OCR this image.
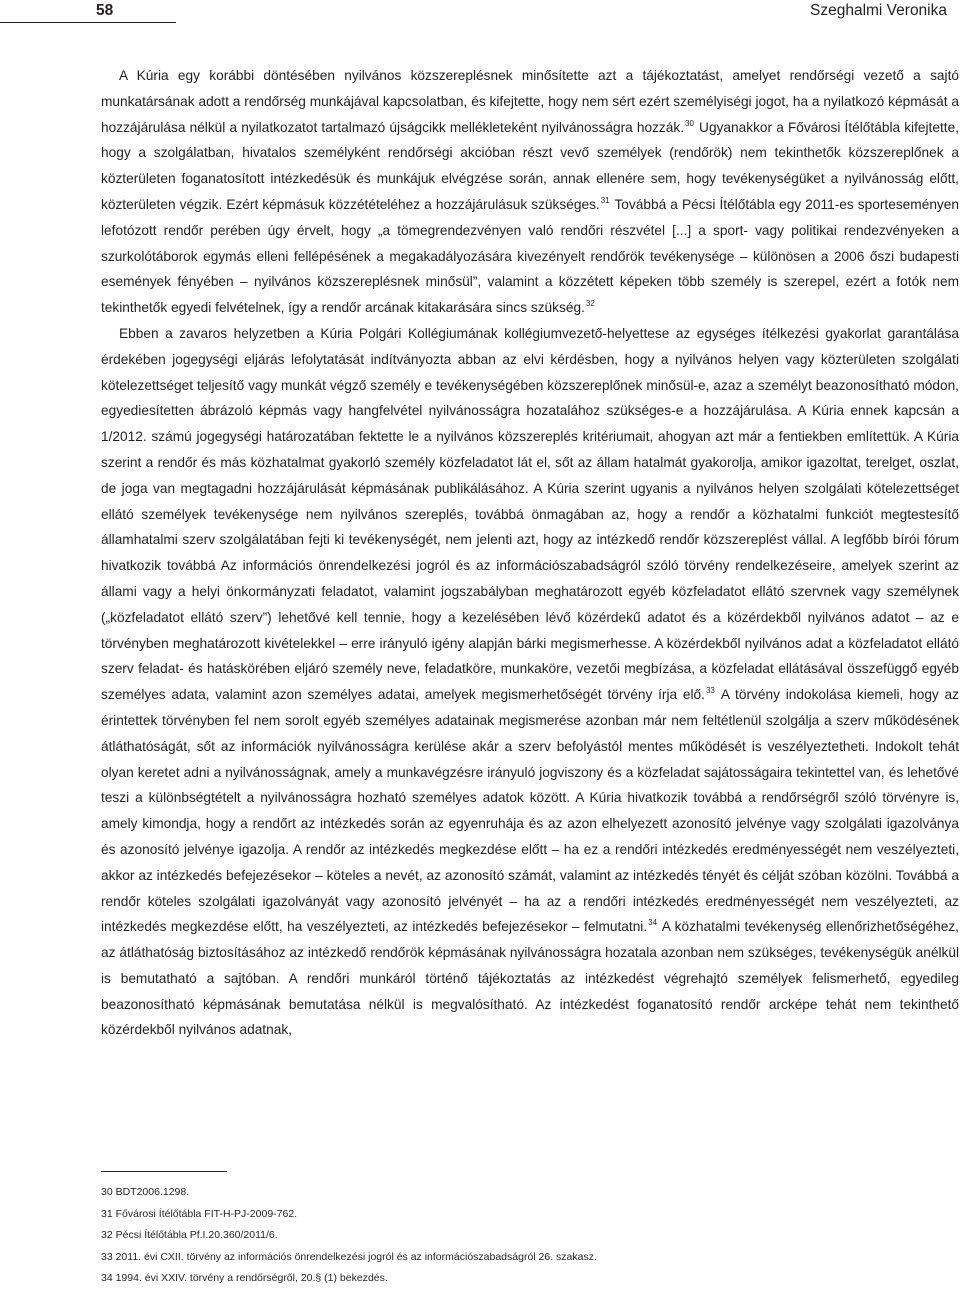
58	Szeghalmi Veronika

A Kúria egy korábbi döntésében nyilvános közszereplésnek minősítette azt a tájékoztatást, amelyet rendőrségi vezető a sajtó munkatársának adott a rendőrség munkájával kapcsolatban, és kifejtette, hogy nem sért ezért személyiségi jogot, ha a nyilatkozó képmását a hozzájárulása nélkül a nyilatkozatot tartalmazó újságcikk mellékleteként nyilvánosságra hozzák.$^{30}$ Ugyanakkor a Fővárosi Ítélőtábla kifejtette, hogy a szolgálatban, hivatalos személyként rendőrségi akcióban részt vevő személyek (rendőrök) nem tekinthetők közszereplőnek a közterületen foganatosított intézkedésük és munkájuk elvégzése során, annak ellenére sem, hogy tevékenységüket a nyilvánosság előtt, közterületen végzik. Ezért képmásuk közzétételéhez a hozzájárulásuk szükséges.$^{31}$ Továbbá a Pécsi Ítélőtábla egy 2011-es sporteseményen lefotózott rendőr perében úgy érvelt, hogy „a tömegrendezvényen való rendőri részvétel [...] a sport- vagy politikai rendezvényeken a szurkolótáborok egymás elleni fellépésének a megakadályozására kivezényelt rendőrök tevékenysége – különösen a 2006 őszi budapesti események fényében – nyilvános közszereplésnek minősül”, valamint a közzétett képeken több személy is szerepel, ezért a fotók nem tekinthetők egyedi felvételnek, így a rendőr arcának kitakarására sincs szükség.$^{32}$

Ebben a zavaros helyzetben a Kúria Polgári Kollégiumának kollégiumvezető-helyettese az egységes ítélkezési gyakorlat garantálása érdekében jogegységi eljárás lefolytatását indítványozta abban az elvi kérdésben, hogy a nyilvános helyen vagy közterületen szolgálati kötelezettséget teljesítő vagy munkát végző személy e tevékenységében közszereplőnek minősül-e, azaz a személyt beazonosítható módon, egyediesítetten ábrázoló képmás vagy hangfelvétel nyilvánosságra hozatalához szükséges-e a hozzájárulása. A Kúria ennek kapcsán a 1/2012. számú jogegységi határozatában fektette le a nyilvános közszereplés kritériumait, ahogyan azt már a fentiekben említettük. A Kúria szerint a rendőr és más közhatalmat gyakorló személy közfeladatot lát el, sőt az állam hatalmát gyakorolja, amikor igazoltat, terelget, oszlat, de joga van megtagadni hozzájárulását képmásának publikálásához. A Kúria szerint ugyanis a nyilvános helyen szolgálati kötelezettséget ellátó személyek tevékenysége nem nyilvános szereplés, továbbá önmagában az, hogy a rendőr a közhatalmi funkciót megtestesítő államhatalmi szerv szolgálatában fejti ki tevékenységét, nem jelenti azt, hogy az intézkedő rendőr közszereplést vállal. A legfőbb bírói fórum hivatkozik továbbá Az információs önrendelkezési jogról és az információszabadságról szóló törvény rendelkezéseire, amelyek szerint az állami vagy a helyi önkormányzati feladatot, valamint jogszabályban meghatározott egyéb közfeladatot ellátó szervnek vagy személynek („közfeladatot ellátó szerv”) lehetővé kell tennie, hogy a kezelésében lévő közérdekű adatot és a közérdekből nyilvános adatot – az e törvényben meghatározott kivételekkel – erre irányuló igény alapján bárki megismerhesse. A közérdekből nyilvános adat a közfeladatot ellátó szerv feladat- és hatáskörében eljáró személy neve, feladatköre, munkaköre, vezetői megbízása, a közfeladat ellátásával összefüggő egyéb személyes adata, valamint azon személyes adatai, amelyek megismerhetőségét törvény írja elő.$^{33}$ A törvény indokolása kiemeli, hogy az érintettek törvényben fel nem sorolt egyéb személyes adatainak megismerése azonban már nem feltétlenül szolgálja a szerv működésének átláthatóságát, sőt az információk nyilvánosságra kerülése akár a szerv befolyástól mentes működését is veszélyeztetheti. Indokolt tehát olyan keretet adni a nyilvánosságnak, amely a munkavégzésre irányuló jogviszony és a közfeladat sajátosságaira tekintettel van, és lehetővé teszi a különbségtételt a nyilvánosságra hozható személyes adatok között. A Kúria hivatkozik továbbá a rendőrségről szóló törvényre is, amely kimondja, hogy a rendőrt az intézkedés során az egyenruhája és az azon elhelyezett azonosító jelvénye vagy szolgálati igazolványa és azonosító jelvénye igazolja. A rendőr az intézkedés megkezdése előtt – ha ez a rendőri intézkedés eredményességét nem veszélyezteti, akkor az intézkedés befejezésekor – köteles a nevét, az azonosító számát, valamint az intézkedés tényét és célját szóban közölni. Továbbá a rendőr köteles szolgálati igazolványát vagy azonosító jelvényét – ha az a rendőri intézkedés eredményességét nem veszélyezteti, az intézkedés megkezdése előtt, ha veszélyezteti, az intézkedés befejezésekor – felmutatni.$^{34}$ A közhatalmi tevékenység ellenőrizhetőségéhez, az átláthatóság biztosításához az intézkedő rendőrök képmásának nyilvánosságra hozatala azonban nem szükséges, tevékenységük anélkül is bemutatható a sajtóban. A rendőri munkáról történő tájékoztatás az intézkedést végrehajtó személyek felismerhető, egyedileg beazonosítható képmásának bemutatása nélkül is megvalósítható. Az intézkedést foganatosító rendőr arcképe tehát nem tekinthető közérdekből nyilvános adatnak,

30 BDT2006.1298.
31 Fővárosi Ítélőtábla FIT-H-PJ-2009-762.
32 Pécsi Ítélőtábla Pf.I.20.360/2011/6.
33 2011. évi CXII. törvény az információs önrendelkezési jogról és az információszabadságról 26. szakasz.
34 1994. évi XXIV. törvény a rendőrségről, 20.§ (1) bekezdés.
